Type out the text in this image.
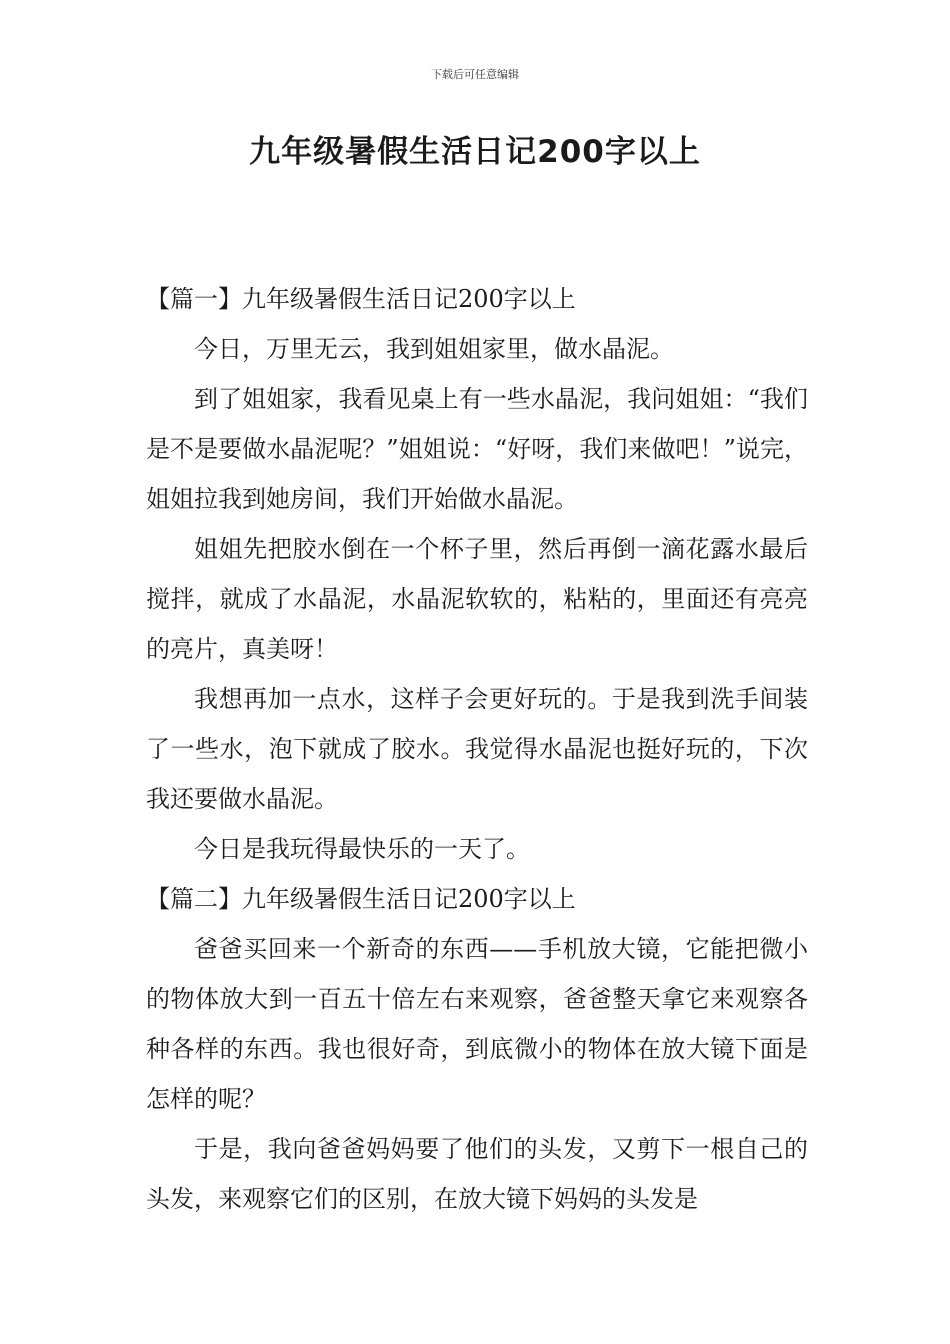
下载后可任意编辑
九年级暑假生活日记200字以上

【篇一】九年级暑假生活日记200字以上

今日，万里无云，我到姐姐家里，做水晶泥。

到了姐姐家，我看见桌上有一些水晶泥，我问姐姐：“我们是不是要做水晶泥呢？”姐姐说：“好呀，我们来做吧！”说完，姐姐拉我到她房间，我们开始做水晶泥。

姐姐先把胶水倒在一个杯子里，然后再倒一滴花露水最后搅拌，就成了水晶泥，水晶泥软软的，粘粘的，里面还有亮亮的亮片，真美呀！

我想再加一点水，这样子会更好玩的。于是我到洗手间装了一些水，泡下就成了胶水。我觉得水晶泥也挺好玩的，下次我还要做水晶泥。

今日是我玩得最快乐的一天了。

【篇二】九年级暑假生活日记200字以上

爸爸买回来一个新奇的东西——手机放大镜，它能把微小的物体放大到一百五十倍左右来观察，爸爸整天拿它来观察各种各样的东西。我也很好奇，到底微小的物体在放大镜下面是怎样的呢？

于是，我向爸爸妈妈要了他们的头发，又剪下一根自己的头发，来观察它们的区别，在放大镜下妈妈的头发是
